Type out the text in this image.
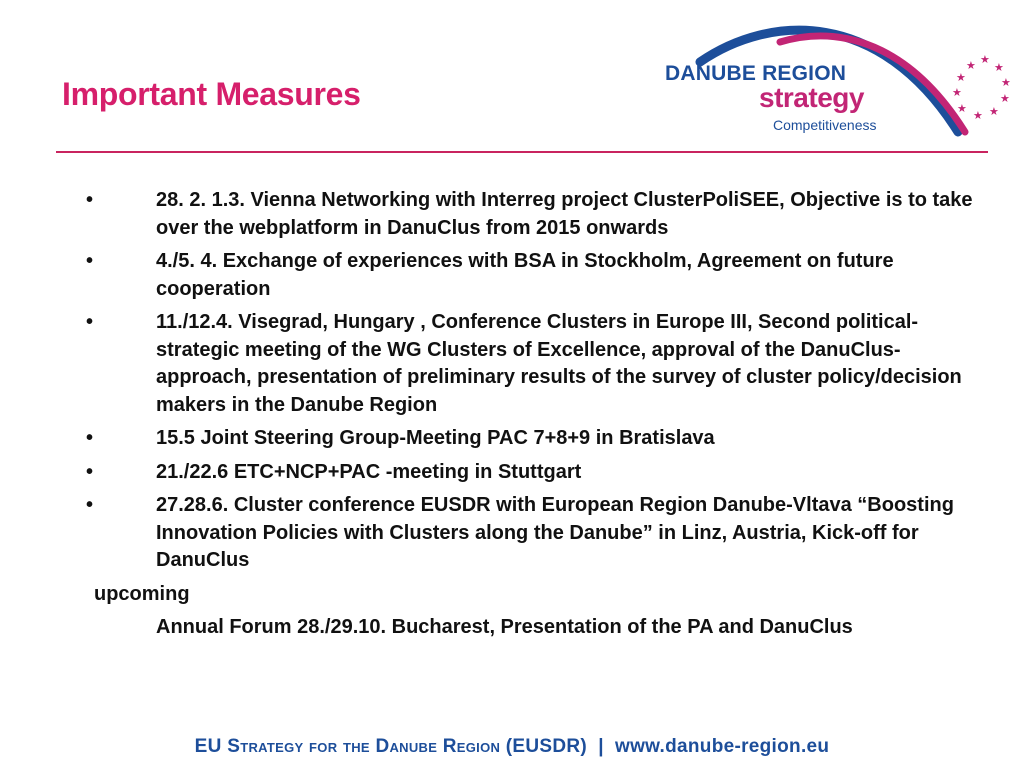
Important Measures
★ ★
★
★
★
★
★
★
★
★
DANUBE REGION
strategy
Competitiveness
•	28. 2. 1.3. Vienna Networking with Interreg project ClusterPoliSEE, Objective is to take over the webplatform in DanuClus from 2015 onwards
•	4./5. 4. Exchange of experiences with BSA in Stockholm, Agreement on future cooperation
•	11./12.4. Visegrad, Hungary , Conference Clusters in Europe III, Second political-strategic meeting of the WG Clusters of Excellence, approval of the DanuClus-approach, presentation of preliminary results of the survey of cluster policy/decision makers in the Danube Region
•	15.5 Joint Steering Group-Meeting PAC 7+8+9 in Bratislava
•	21./22.6 ETC+NCP+PAC -meeting in Stuttgart
•	27.28.6. Cluster conference EUSDR with European Region Danube-Vltava “Boosting Innovation Policies with Clusters along the Danube” in Linz, Austria, Kick-off for DanuClus
upcoming
Annual Forum 28./29.10. Bucharest, Presentation of the PA and DanuClus
EU Strategy for the Danube Region (EUSDR) | www.danube-region.eu
